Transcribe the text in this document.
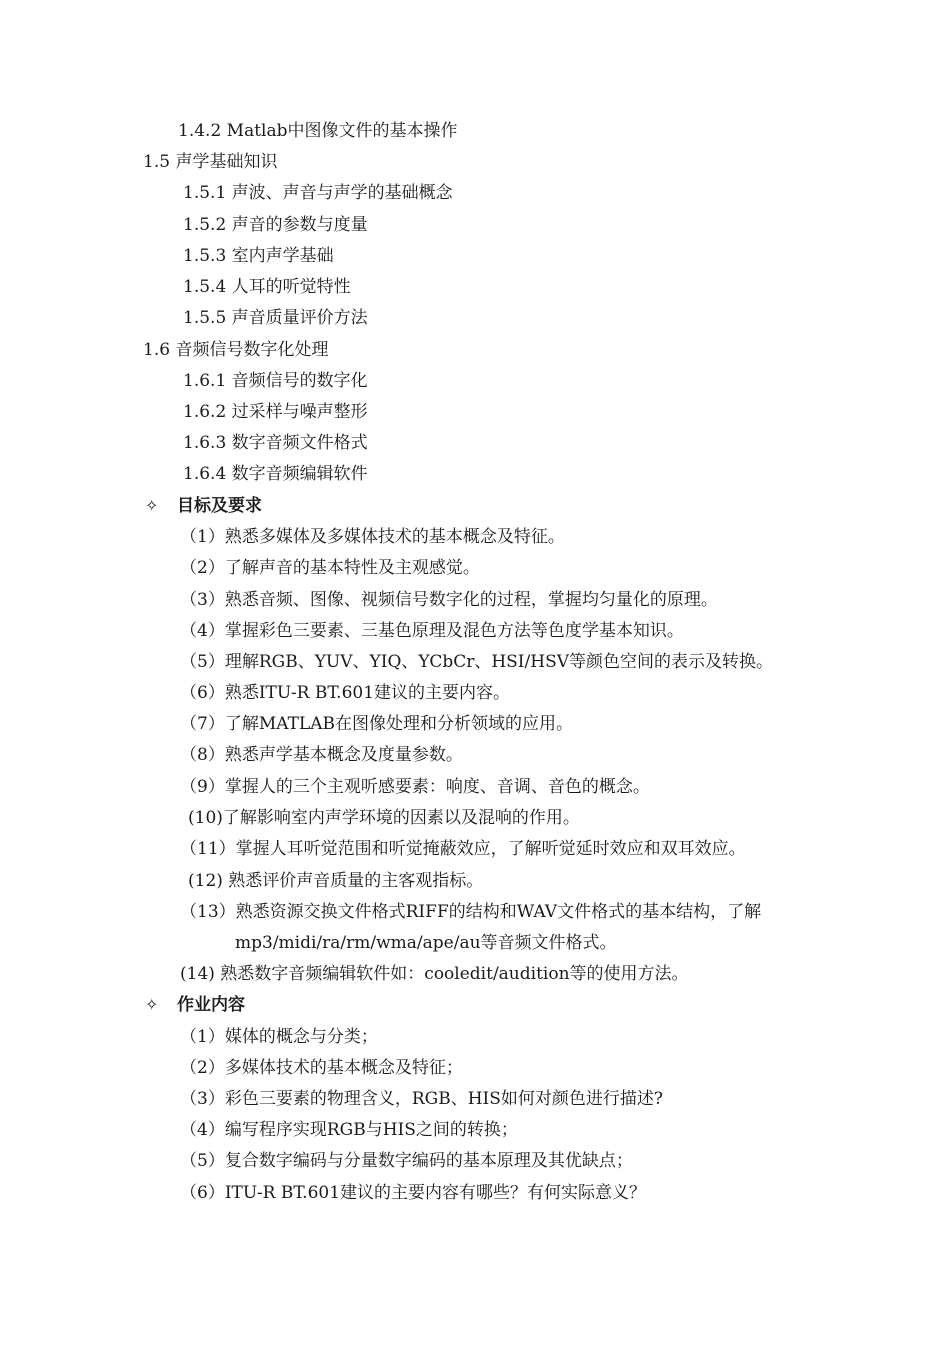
1.4.2 Matlab中图像文件的基本操作
1.5 声学基础知识
1.5.1 声波、声音与声学的基础概念
1.5.2 声音的参数与度量
1.5.3 室内声学基础
1.5.4 人耳的听觉特性
1.5.5 声音质量评价方法
1.6 音频信号数字化处理
1.6.1 音频信号的数字化
1.6.2 过采样与噪声整形
1.6.3 数字音频文件格式
1.6.4 数字音频编辑软件
✧ 目标及要求
（1）熟悉多媒体及多媒体技术的基本概念及特征。
（2）了解声音的基本特性及主观感觉。
（3）熟悉音频、图像、视频信号数字化的过程，掌握均匀量化的原理。
（4）掌握彩色三要素、三基色原理及混色方法等色度学基本知识。
（5）理解RGB、YUV、YIQ、YCbCr、HSI/HSV等颜色空间的表示及转换。
（6）熟悉ITU-R BT.601建议的主要内容。
（7）了解MATLAB在图像处理和分析领域的应用。
（8）熟悉声学基本概念及度量参数。
（9）掌握人的三个主观听感要素：响度、音调、音色的概念。
(10)了解影响室内声学环境的因素以及混响的作用。
（11）掌握人耳听觉范围和听觉掩蔽效应，了解听觉延时效应和双耳效应。
(12) 熟悉评价声音质量的主客观指标。
（13）熟悉资源交换文件格式RIFF的结构和WAV文件格式的基本结构，了解
mp3/midi/ra/rm/wma/ape/au等音频文件格式。
(14) 熟悉数字音频编辑软件如：cooledit/audition等的使用方法。
✧ 作业内容
（1）媒体的概念与分类；
（2）多媒体技术的基本概念及特征；
（3）彩色三要素的物理含义，RGB、HIS如何对颜色进行描述?
（4）编写程序实现RGB与HIS之间的转换；
（5）复合数字编码与分量数字编码的基本原理及其优缺点；
（6）ITU-R BT.601建议的主要内容有哪些？有何实际意义？
